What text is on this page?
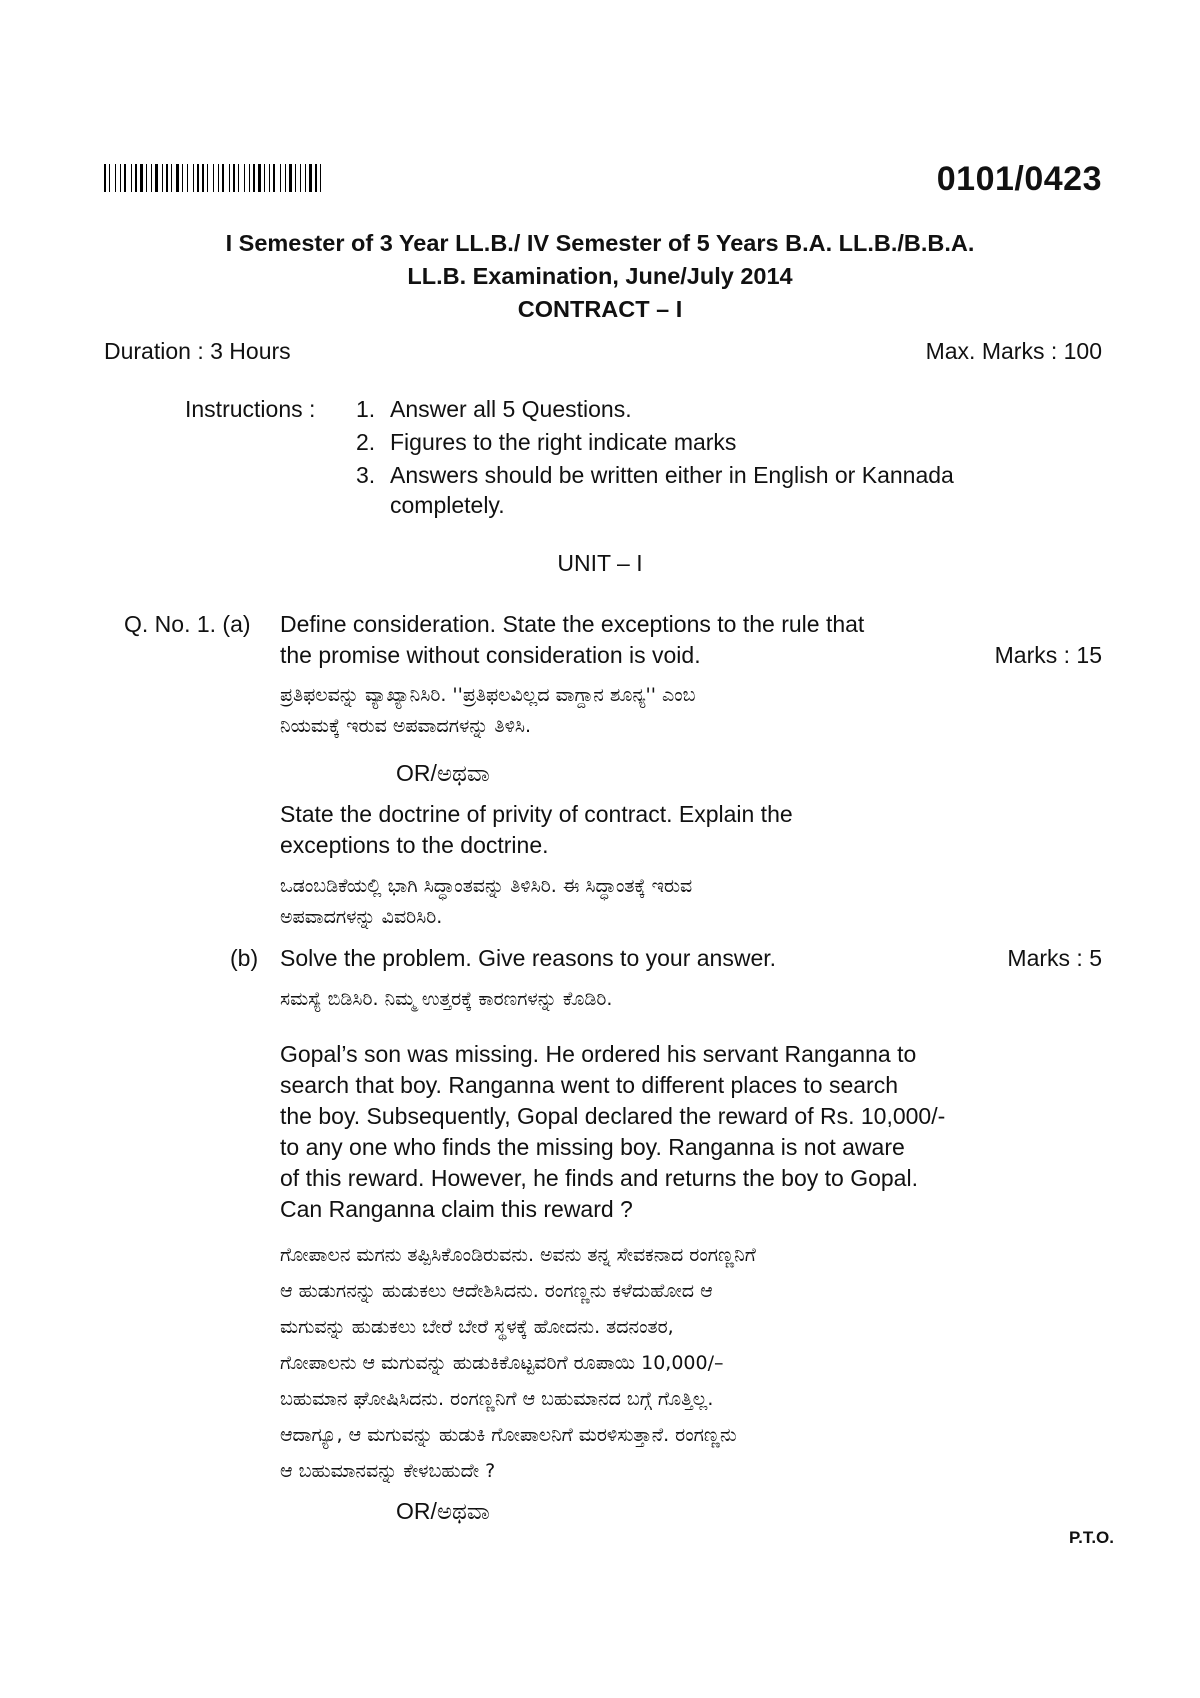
0101/0423
I Semester of 3 Year LL.B./ IV Semester of 5 Years B.A. LL.B./B.B.A.
LL.B. Examination, June/July 2014
CONTRACT – I
Duration : 3 Hours	Max. Marks : 100
Instructions : 1. Answer all 5 Questions.
2. Figures to the right indicate marks
3. Answers should be written either in English or Kannada
completely.
UNIT – I
Q. No. 1. (a) Define consideration. State the exceptions to the rule that
the promise without consideration is void.	Marks : 15
ಪ್ರತಿಫಲವನ್ನು ವ್ಯಾಖ್ಯಾನಿಸಿರಿ. ''ಪ್ರತಿಫಲವಿಲ್ಲದ ವಾಗ್ದಾನ ಶೂನ್ಯ'' ಎಂಬ
ನಿಯಮಕ್ಕೆ ಇರುವ ಅಪವಾದಗಳನ್ನು ತಿಳಿಸಿ.
OR/ಅಥವಾ
State the doctrine of privity of contract. Explain the
exceptions to the doctrine.
ಒಡಂಬಡಿಕೆಯಲ್ಲಿ ಭಾಗಿ ಸಿದ್ಧಾಂತವನ್ನು ತಿಳಿಸಿರಿ. ಈ ಸಿದ್ಧಾಂತಕ್ಕೆ ಇರುವ
ಅಪವಾದಗಳನ್ನು ವಿವರಿಸಿರಿ.
(b) Solve the problem. Give reasons to your answer.	Marks : 5
ಸಮಸ್ಯೆ ಬಿಡಿಸಿರಿ. ನಿಮ್ಮ ಉತ್ತರಕ್ಕೆ ಕಾರಣಗಳನ್ನು ಕೊಡಿರಿ.
Gopal’s son was missing. He ordered his servant Ranganna to
search that boy. Ranganna went to different places to search
the boy. Subsequently, Gopal declared the reward of Rs. 10,000/-
to any one who finds the missing boy. Ranganna is not aware
of this reward. However, he finds and returns the boy to Gopal.
Can Ranganna claim this reward ?
ಗೋಪಾಲನ ಮಗನು ತಪ್ಪಿಸಿಕೊಂಡಿರುವನು. ಅವನು ತನ್ನ ಸೇವಕನಾದ ರಂಗಣ್ಣನಿಗೆ
ಆ ಹುಡುಗನನ್ನು ಹುಡುಕಲು ಆದೇಶಿಸಿದನು. ರಂಗಣ್ಣನು ಕಳೆದುಹೋದ ಆ
ಮಗುವನ್ನು ಹುಡುಕಲು ಬೇರೆ ಬೇರೆ ಸ್ಥಳಕ್ಕೆ ಹೋದನು. ತದನಂತರ,
ಗೋಪಾಲನು ಆ ಮಗುವನ್ನು ಹುಡುಕಿಕೊಟ್ಟವರಿಗೆ ರೂಪಾಯಿ 10,000/–
ಬಹುಮಾನ ಘೋಷಿಸಿದನು. ರಂಗಣ್ಣನಿಗೆ ಆ ಬಹುಮಾನದ ಬಗ್ಗೆ ಗೊತ್ತಿಲ್ಲ.
ಆದಾಗ್ಯೂ, ಆ ಮಗುವನ್ನು ಹುಡುಕಿ ಗೋಪಾಲನಿಗೆ ಮರಳಿಸುತ್ತಾನೆ. ರಂಗಣ್ಣನು
ಆ ಬಹುಮಾನವನ್ನು ಕೇಳಬಹುದೇ ?
OR/ಅಥವಾ
P.T.O.
